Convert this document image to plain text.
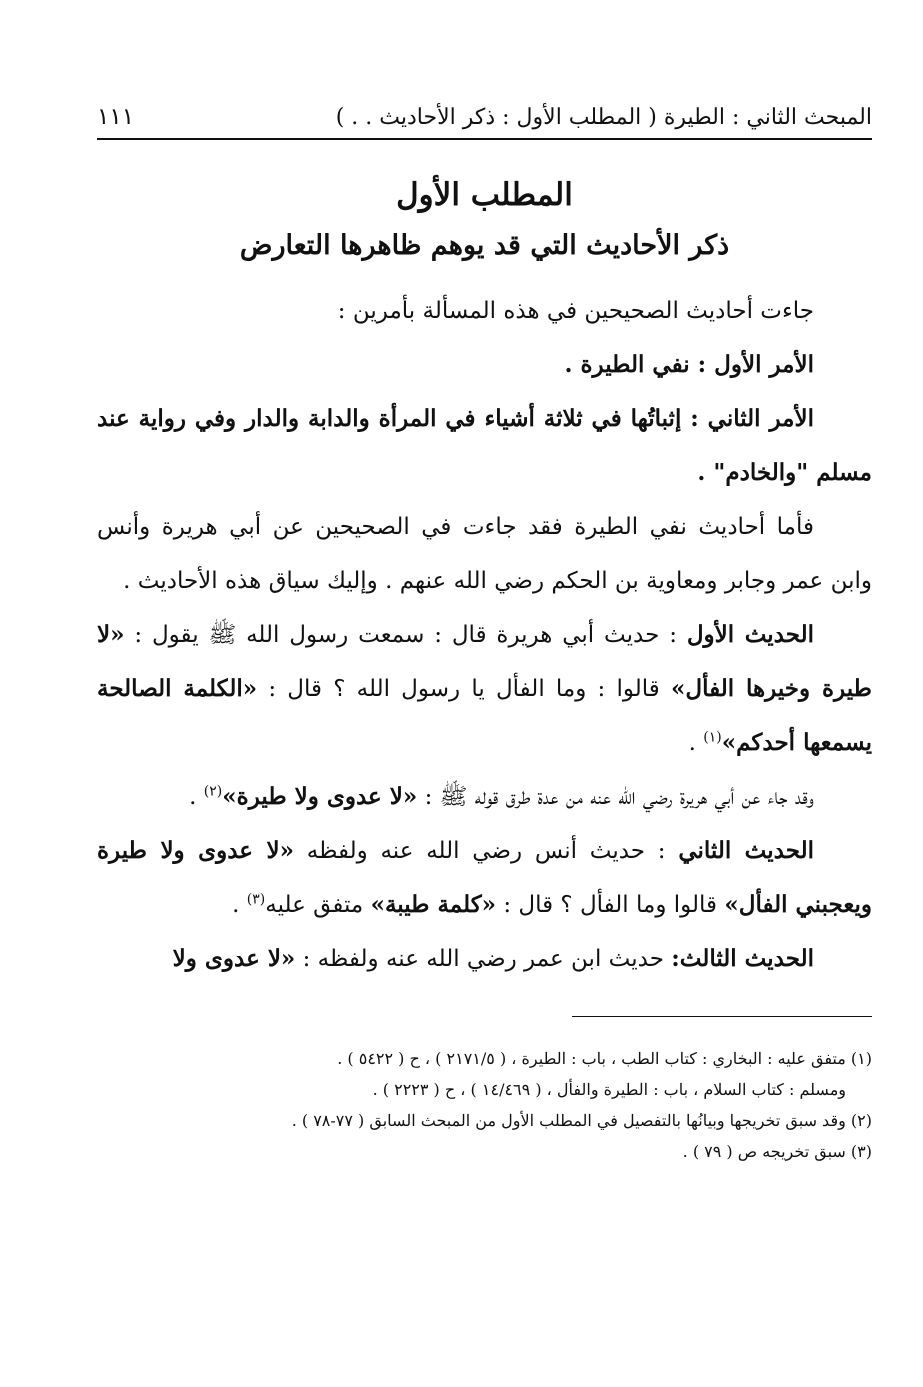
المبحث الثاني : الطيرة ( المطلب الأول : ذكر الأحاديث . . )
١١١
المطلب الأول
ذكر الأحاديث التي قد يوهم ظاهرها التعارض

جاءت أحاديث الصحيحين في هذه المسألة بأمرين :

الأمر الأول : نفي الطيرة .

الأمر الثاني : إثباتُها في ثلاثة أشياء في المرأة والدابة والدار وفي رواية عند مسلم "والخادم" .

فأما أحاديث نفي الطيرة فقد جاءت في الصحيحين عن أبي هريرة وأنس وابن عمر وجابر ومعاوية بن الحكم رضي الله عنهم . وإليك سياق هذه الأحاديث .

الحديث الأول : حديث أبي هريرة قال : سمعت رسول الله ﷺ يقول : «لا طيرة وخيرها الفأل» قالوا : وما الفأل يا رسول الله ؟ قال : «الكلمة الصالحة يسمعها أحدكم»$^{(١)}$ .

وقد جاء عن أبي هريرة رضي الله عنه من عدة طرق قوله ﷺ : «لا عدوى ولا طيرة»$^{(٢)}$ .

الحديث الثاني : حديث أنس رضي الله عنه ولفظه «لا عدوى ولا طيرة ويعجبني الفأل» قالوا وما الفأل ؟ قال : «كلمة طيبة» متفق عليه$^{(٣)}$ .

الحديث الثالث: حديث ابن عمر رضي الله عنه ولفظه : «لا عدوى ولا

(١) متفق عليه : البخاري : كتاب الطب ، باب : الطيرة ، ( ٢١٧١/٥ ) ، ح ( ٥٤٢٢ ) .

ومسلم : كتاب السلام ، باب : الطيرة والفأل ، ( ١٤/٤٦٩ ) ، ح ( ٢٢٢٣ ) .

(٢) وقد سبق تخريجها وبيانُها بالتفصيل في المطلب الأول من المبحث السابق ( ٧٧-٧٨ ) .

(٣) سبق تخريجه ص ( ٧٩ ) .
